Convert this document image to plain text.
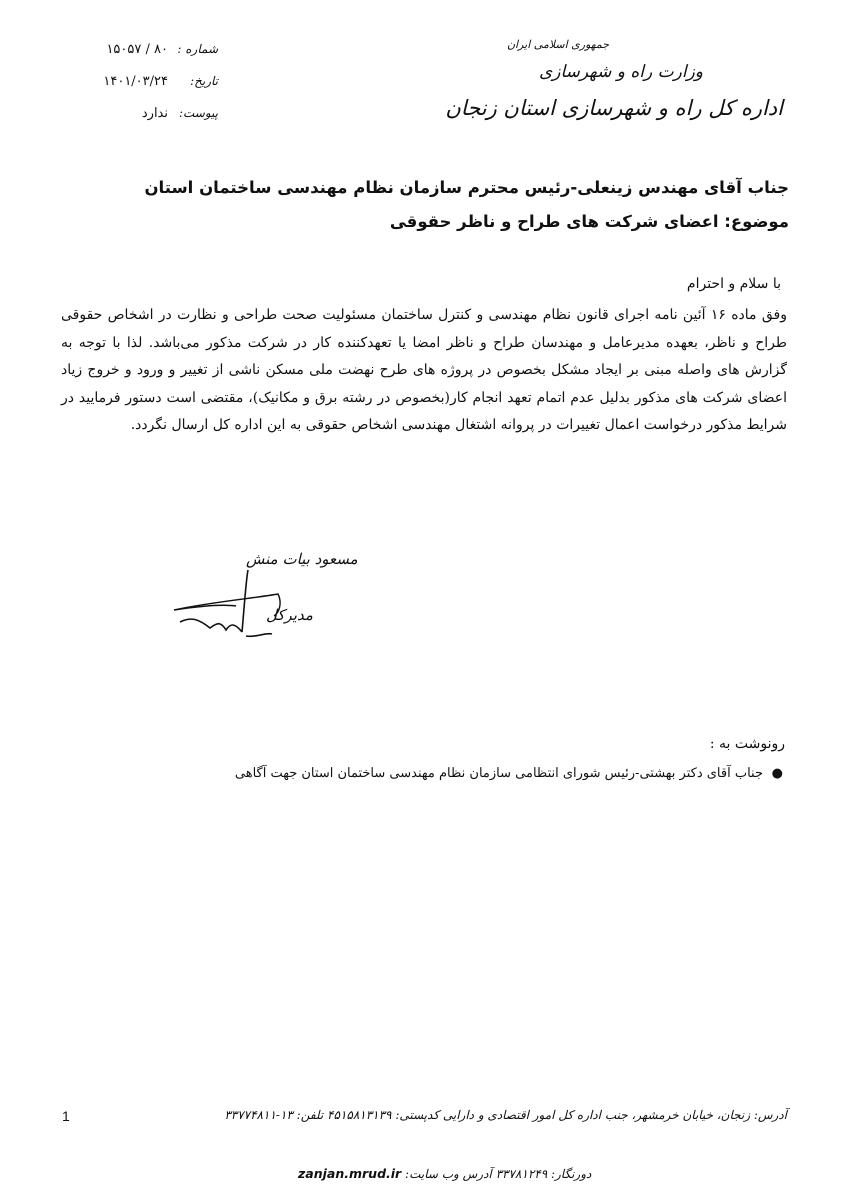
شماره :
۸۰ / ۱۵۰۵۷
تاریخ:
۱۴۰۱/۰۳/۲۴
پیوست:
ندارد
جمهوری اسلامی ایران
وزارت راه و شهرسازی
اداره کل راه و شهرسازی استان زنجان
جناب آقای مهندس زینعلی-رئیس محترم سازمان نظام مهندسی ساختمان استان
موضوع: اعضای شرکت های طراح و ناظر حقوقی
با سلام و احترام
وفق ماده ۱۶ آئین نامه اجرای قانون نظام مهندسی و کنترل ساختمان مسئولیت صحت طراحی و نظارت در اشخاص حقوقی طراح و ناظر، بعهده مدیرعامل و مهندسان طراح و ناظر امضا یا تعهدکننده کار در شرکت مذکور می‌باشد. لذا با توجه به گزارش های واصله مبنی بر ایجاد مشکل بخصوص در پروژه های طرح نهضت ملی مسکن ناشی از تغییر و ورود و خروج زیاد اعضای شرکت های مذکور بدلیل عدم اتمام تعهد انجام کار(بخصوص در رشته برق و مکانیک)، مقتضی است دستور فرمایید در شرایط مذکور درخواست اعمال تغییرات در پروانه اشتغال مهندسی اشخاص حقوقی به این اداره کل ارسال نگردد.
مسعود بیات منش
مدیرکل
رونوشت به :
●
جناب آقای دکتر بهشتی-رئیس شورای انتظامی سازمان نظام مهندسی ساختمان استان جهت آگاهی
آدرس: زنجان، خیابان خرمشهر، جنب اداره کل امور اقتصادی و دارایی کدپستی: ۴۵۱۵۸۱۳۱۳۹ تلفن: ۱۳-۳۳۷۷۴۸۱۱
دورنگار: ۳۳۷۸۱۲۴۹ آدرس وب سایت: zanjan.mrud.ir
1
